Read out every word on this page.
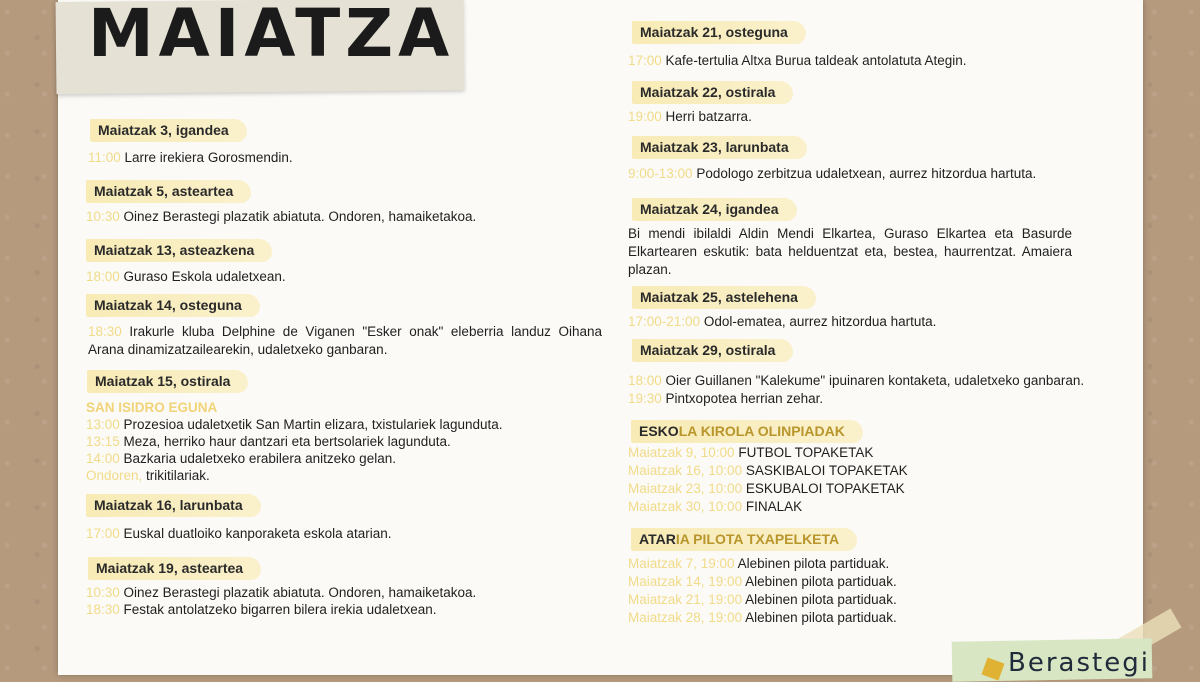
MAIATZA
Maiatzak 3, igandea
11:00 Larre irekiera Gorosmendin.
Maiatzak 5, asteartea
10:30 Oinez Berastegi plazatik abiatuta. Ondoren, hamaiketakoa.
Maiatzak 13, asteazkena
18:00 Guraso Eskola udaletxean.
Maiatzak 14, osteguna
18:30 Irakurle kluba Delphine de Viganen "Esker onak" eleberria landuz Oihana Arana dinamizatzailearekin, udaletxeko ganbaran.
Maiatzak 15, ostirala
SAN ISIDRO EGUNA
13:00 Prozesioa udaletxetik San Martin elizara, txistulariek lagunduta.
13:15 Meza, herriko haur dantzari eta bertsolariek lagunduta.
14:00 Bazkaria udaletxeko erabilera anitzeko gelan.
Ondoren, trikitilariak.
Maiatzak 16, larunbata
17:00 Euskal duatloiko kanporaketa eskola atarian.
Maiatzak 19, asteartea
10:30 Oinez Berastegi plazatik abiatuta. Ondoren, hamaiketakoa.
18:30 Festak antolatzeko bigarren bilera irekia udaletxean.
Maiatzak 21, osteguna
17:00 Kafe-tertulia Altxa Burua taldeak antolatuta Ategin.
Maiatzak 22, ostirala
19:00 Herri batzarra.
Maiatzak 23, larunbata
9:00-13:00 Podologo zerbitzua udaletxean, aurrez hitzordua hartuta.
Maiatzak 24, igandea
Bi mendi ibilaldi Aldin Mendi Elkartea, Guraso Elkartea eta Basurde Elkartearen eskutik: bata helduentzat eta, bestea, haurrentzat. Amaiera plazan.
Maiatzak 25, astelehena
17:00-21:00 Odol-ematea, aurrez hitzordua hartuta.
Maiatzak 29, ostirala
18:00 Oier Guillanen "Kalekume" ipuinaren kontaketa, udaletxeko ganbaran.
19:30 Pintxopotea herrian zehar.
ESKOLA KIROLA OLINPIADAK
Maiatzak 9, 10:00 FUTBOL TOPAKETAK
Maiatzak 16, 10:00 SASKIBALOI TOPAKETAK
Maiatzak 23, 10:00 ESKUBALOI TOPAKETAK
Maiatzak 30, 10:00 FINALAK
ATARIA PILOTA TXAPELKETA
Maiatzak 7, 19:00 Alebinen pilota partiduak.
Maiatzak 14, 19:00 Alebinen pilota partiduak.
Maiatzak 21, 19:00 Alebinen pilota partiduak.
Maiatzak 28, 19:00 Alebinen pilota partiduak.
Berastegi
